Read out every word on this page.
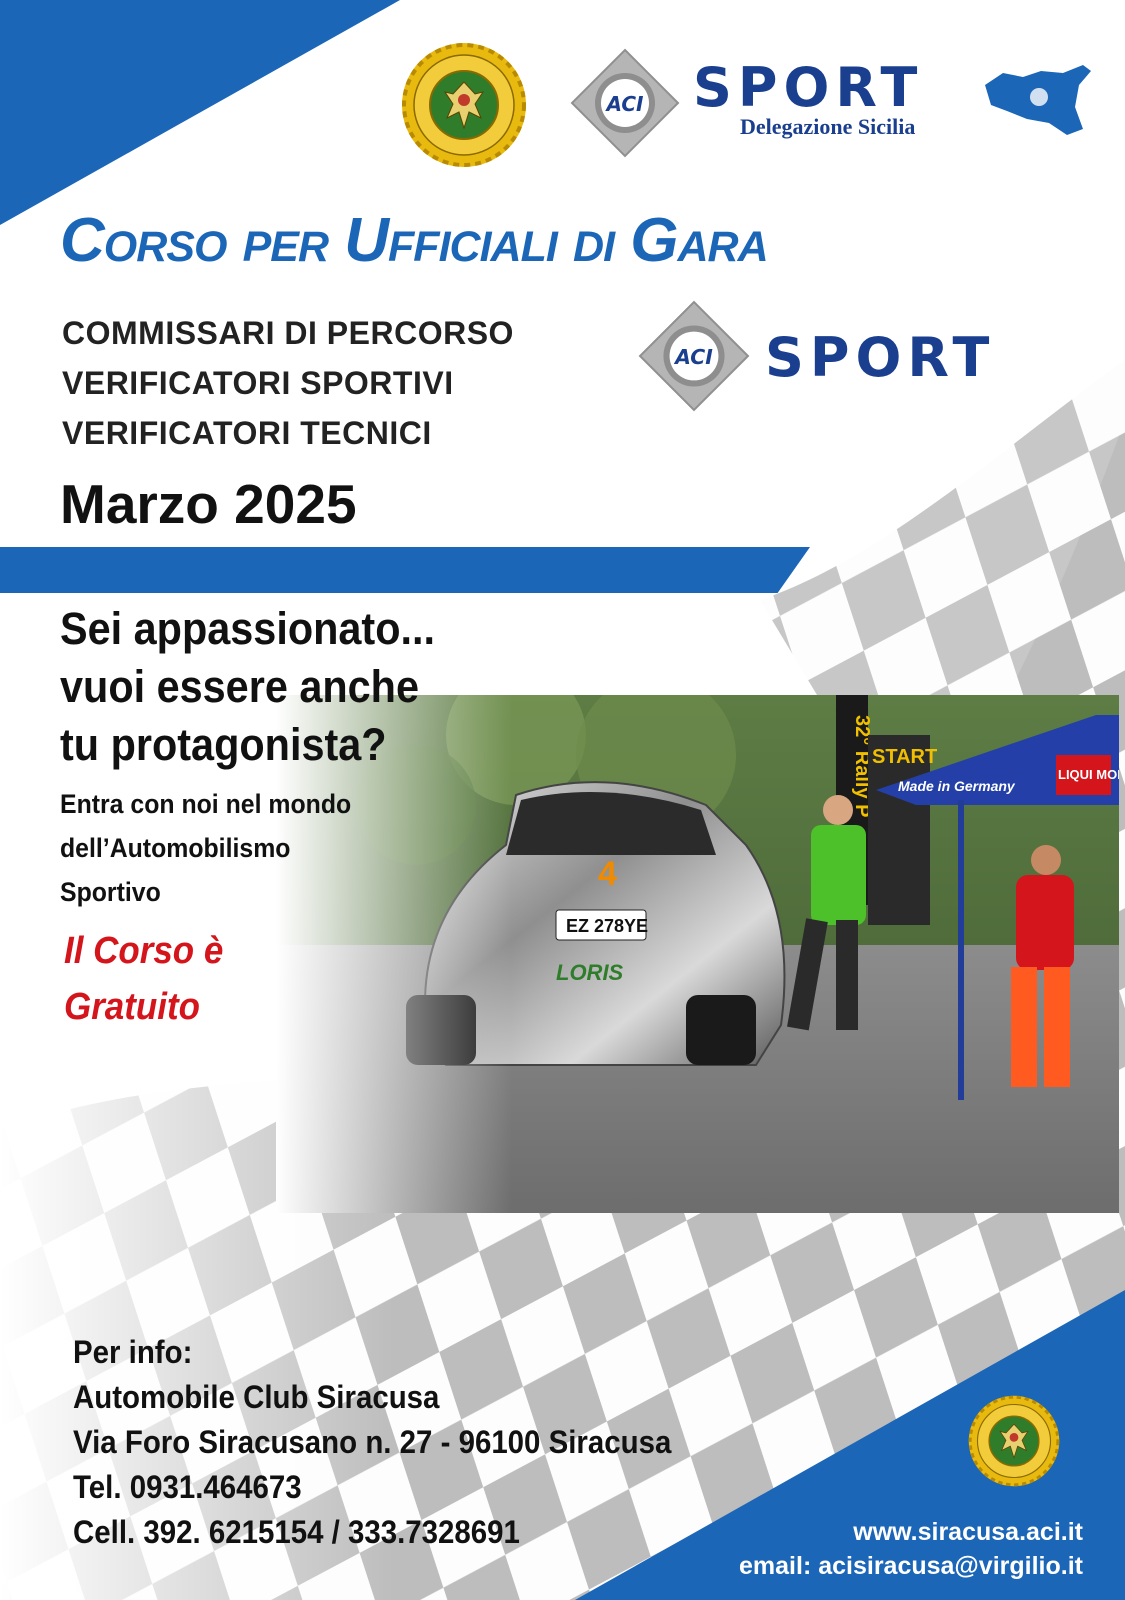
ACI SPORT
Delegazione Sicilia
Corso per Ufficiali di Gara
COMMISSARI DI PERCORSO
VERIFICATORI SPORTIVI
VERIFICATORI TECNICI
ACI SPORT
Marzo 2025
Sei appassionato...
vuoi essere anche
tu protagonista?
Entra con noi nel mondo
dell’Automobilismo
Sportivo
Il Corso è
Gratuito
Per info:
Automobile Club Siracusa
Via Foro Siracusano n. 27 - 96100 Siracusa
Tel. 0931.464673
Cell. 392. 6215154 / 333.7328691	www.siracusa.aci.it
email: acisiracusa@virgilio.it
